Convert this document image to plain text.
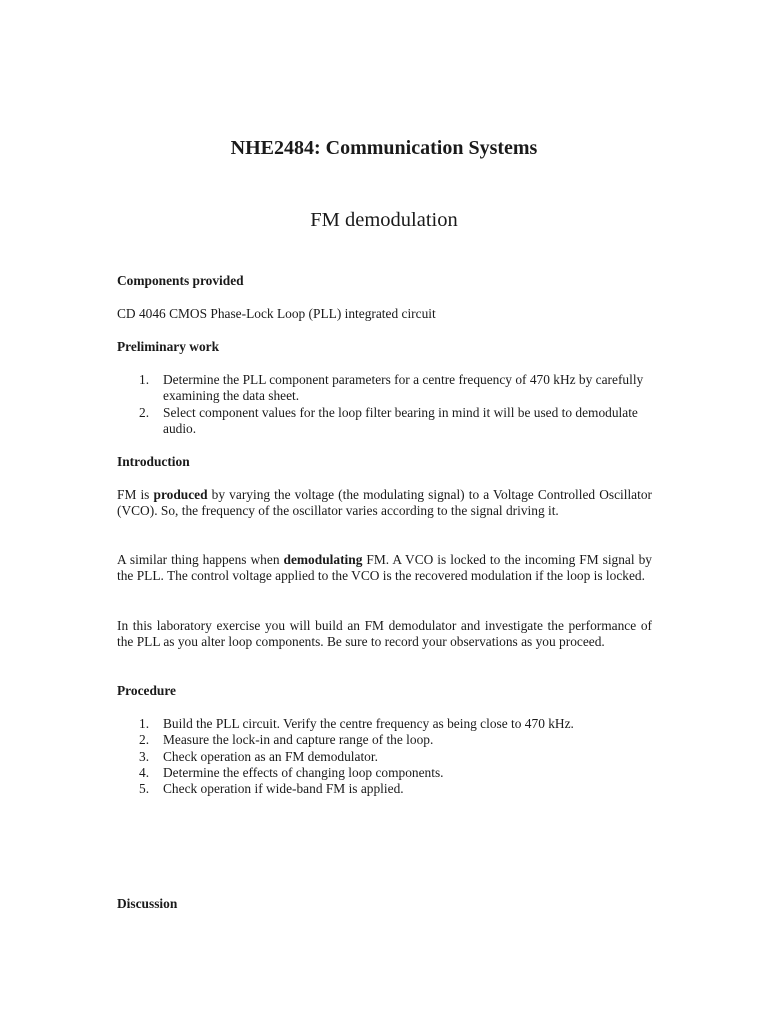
NHE2484: Communication Systems
FM demodulation

Components provided

CD 4046 CMOS Phase-Lock Loop (PLL) integrated circuit

Preliminary work

1. Determine the PLL component parameters for a centre frequency of 470 kHz by carefully examining the data sheet.
2. Select component values for the loop filter bearing in mind it will be used to demodulate audio.

Introduction

FM is produced by varying the voltage (the modulating signal) to a Voltage Controlled Oscillator (VCO). So, the frequency of the oscillator varies according to the signal driving it.

A similar thing happens when demodulating FM. A VCO is locked to the incoming FM signal by the PLL. The control voltage applied to the VCO is the recovered modulation if the loop is locked.

In this laboratory exercise you will build an FM demodulator and investigate the performance of the PLL as you alter loop components. Be sure to record your observations as you proceed.

Procedure

1. Build the PLL circuit. Verify the centre frequency as being close to 470 kHz.
2. Measure the lock-in and capture range of the loop.
3. Check operation as an FM demodulator.
4. Determine the effects of changing loop components.
5. Check operation if wide-band FM is applied.

Discussion
